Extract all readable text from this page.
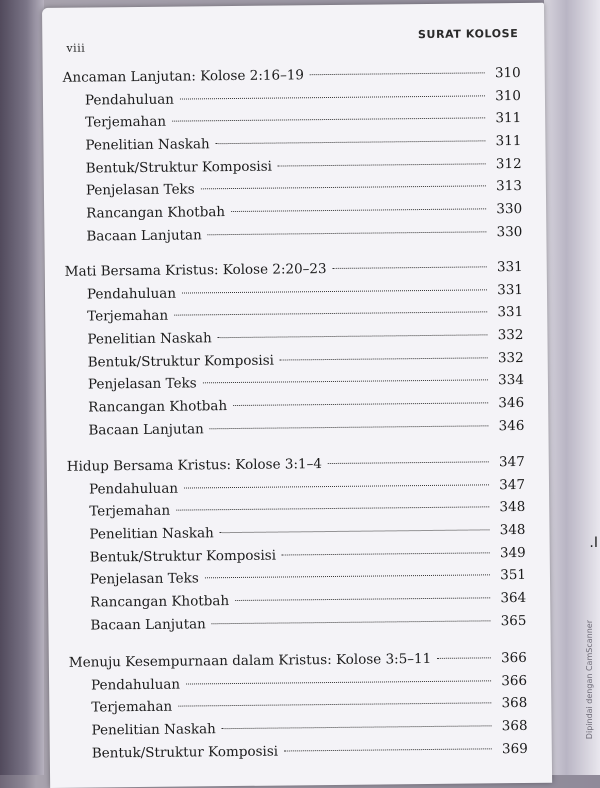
viii
SURAT KOLOSE
Ancaman Lanjutan: Kolose 2:16–19	310
Pendahuluan	310
Terjemahan	311
Penelitian Naskah	311
Bentuk/Struktur Komposisi	312
Penjelasan Teks	313
Rancangan Khotbah	330
Bacaan Lanjutan	330
Mati Bersama Kristus: Kolose 2:20–23	331
Pendahuluan	331
Terjemahan	331
Penelitian Naskah	332
Bentuk/Struktur Komposisi	332
Penjelasan Teks	334
Rancangan Khotbah	346
Bacaan Lanjutan	346
Hidup Bersama Kristus: Kolose 3:1–4	347
Pendahuluan	347
Terjemahan	348
Penelitian Naskah	348
Bentuk/Struktur Komposisi	349
Penjelasan Teks	351
Rancangan Khotbah	364
Bacaan Lanjutan	365
Menuju Kesempurnaan dalam Kristus: Kolose 3:5–11	366
Pendahuluan	366
Terjemahan	368
Penelitian Naskah	368
Bentuk/Struktur Komposisi	369
.I
Dipindai dengan CamScanner
